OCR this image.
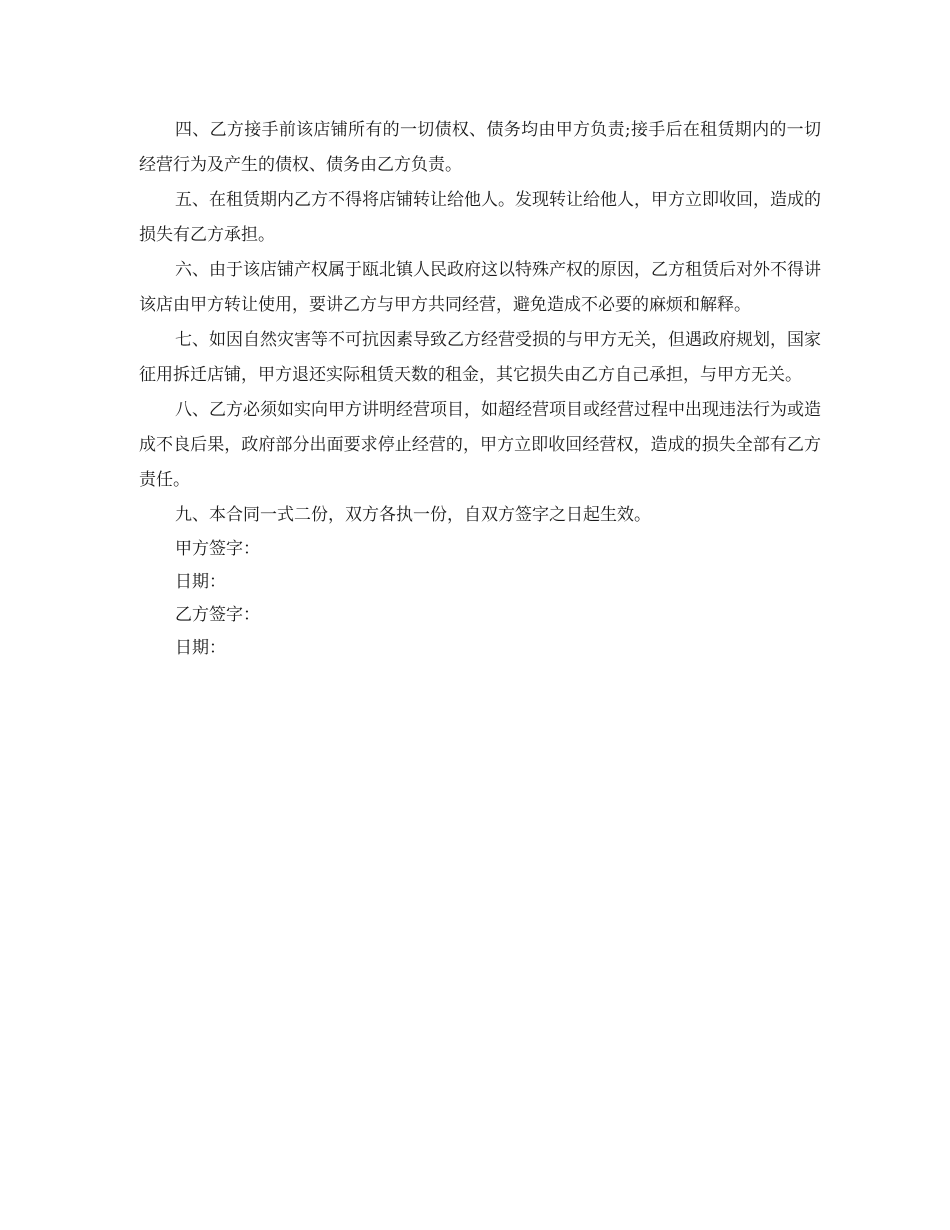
四、乙方接手前该店铺所有的一切债权、债务均由甲方负责;接手后在租赁期内的一切经营行为及产生的债权、债务由乙方负责。

五、在租赁期内乙方不得将店铺转让给他人。发现转让给他人，甲方立即收回，造成的损失有乙方承担。

六、由于该店铺产权属于瓯北镇人民政府这以特殊产权的原因，乙方租赁后对外不得讲该店由甲方转让使用，要讲乙方与甲方共同经营，避免造成不必要的麻烦和解释。

七、如因自然灾害等不可抗因素导致乙方经营受损的与甲方无关，但遇政府规划，国家征用拆迁店铺，甲方退还实际租赁天数的租金，其它损失由乙方自己承担，与甲方无关。

八、乙方必须如实向甲方讲明经营项目，如超经营项目或经营过程中出现违法行为或造成不良后果，政府部分出面要求停止经营的，甲方立即收回经营权，造成的损失全部有乙方责任。

九、本合同一式二份，双方各执一份，自双方签字之日起生效。

甲方签字：

日期：

乙方签字：

日期：
